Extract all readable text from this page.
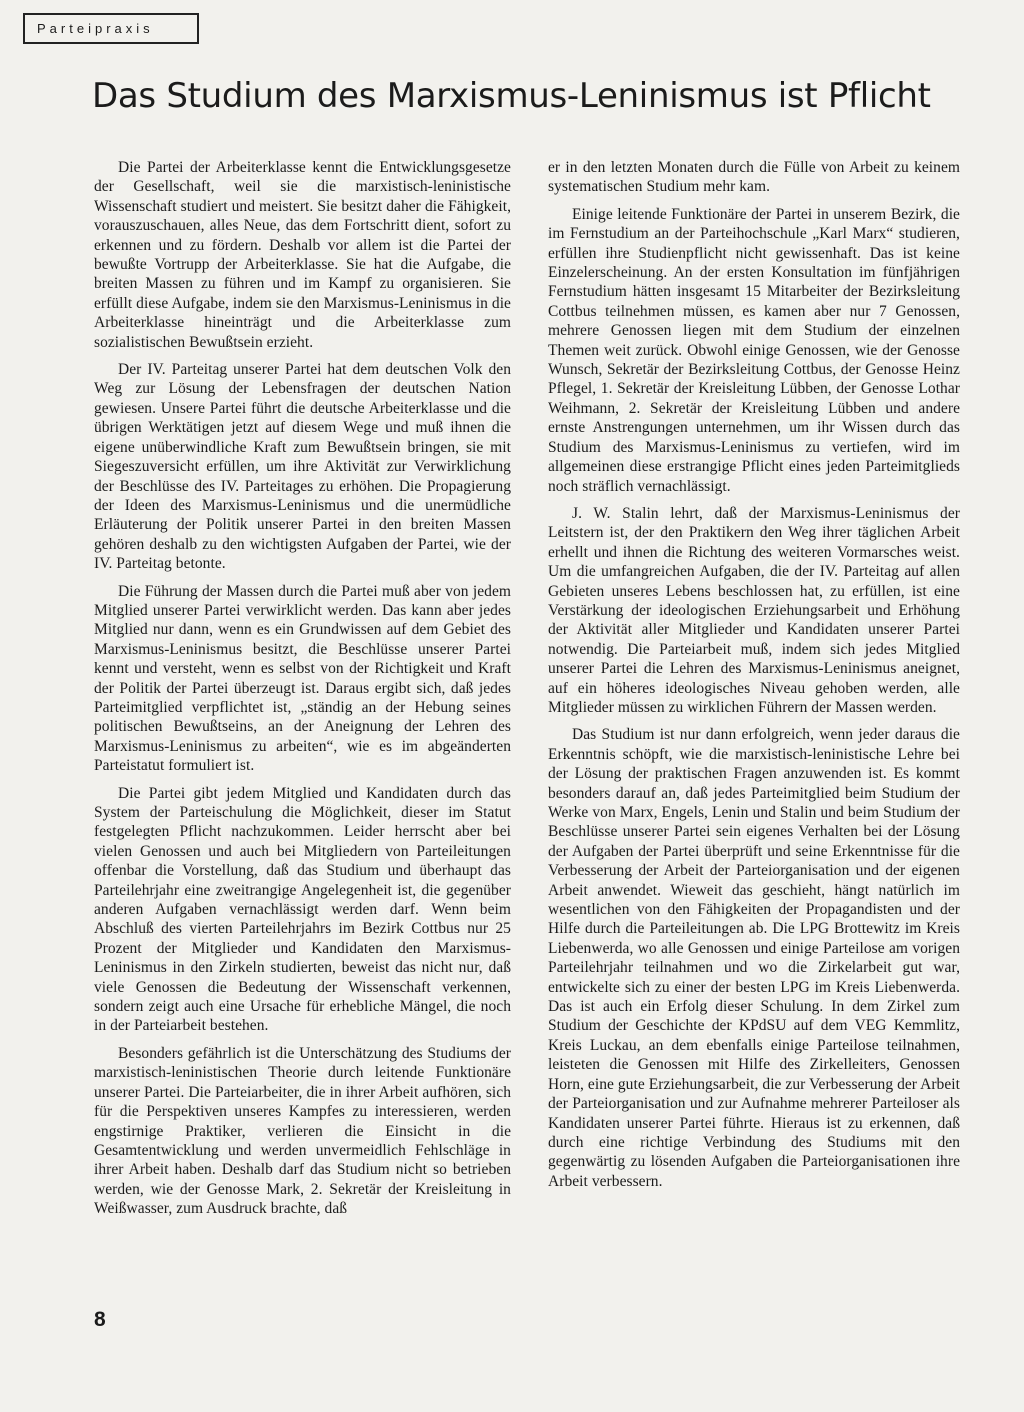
Parteipraxis
Das Studium des Marxismus-Leninismus ist Pflicht

Die Partei der Arbeiterklasse kennt die Entwicklungsgesetze der Gesellschaft, weil sie die marxistisch-leninistische Wissenschaft studiert und meistert. Sie besitzt daher die Fähigkeit, vorauszuschauen, alles Neue, das dem Fortschritt dient, sofort zu erkennen und zu fördern. Deshalb vor allem ist die Partei der bewußte Vortrupp der Arbeiterklasse. Sie hat die Aufgabe, die breiten Massen zu führen und im Kampf zu organisieren. Sie erfüllt diese Aufgabe, indem sie den Marxismus-Leninismus in die Arbeiterklasse hineinträgt und die Arbeiterklasse zum sozialistischen Bewußtsein erzieht.

Der IV. Parteitag unserer Partei hat dem deutschen Volk den Weg zur Lösung der Lebensfragen der deutschen Nation gewiesen. Unsere Partei führt die deutsche Arbeiterklasse und die übrigen Werktätigen jetzt auf diesem Wege und muß ihnen die eigene unüberwindliche Kraft zum Bewußtsein bringen, sie mit Siegeszuversicht erfüllen, um ihre Aktivität zur Verwirklichung der Beschlüsse des IV. Parteitages zu erhöhen. Die Propagierung der Ideen des Marxismus-Leninismus und die unermüdliche Erläuterung der Politik unserer Partei in den breiten Massen gehören deshalb zu den wichtigsten Aufgaben der Partei, wie der IV. Parteitag betonte.

Die Führung der Massen durch die Partei muß aber von jedem Mitglied unserer Partei verwirklicht werden. Das kann aber jedes Mitglied nur dann, wenn es ein Grundwissen auf dem Gebiet des Marxismus-Leninismus besitzt, die Beschlüsse unserer Partei kennt und versteht, wenn es selbst von der Richtigkeit und Kraft der Politik der Partei überzeugt ist. Daraus ergibt sich, daß jedes Parteimitglied verpflichtet ist, „ständig an der Hebung seines politischen Bewußtseins, an der Aneignung der Lehren des Marxismus-Leninismus zu arbeiten“, wie es im abgeänderten Parteistatut formuliert ist.

Die Partei gibt jedem Mitglied und Kandidaten durch das System der Parteischulung die Möglichkeit, dieser im Statut festgelegten Pflicht nachzukommen. Leider herrscht aber bei vielen Genossen und auch bei Mitgliedern von Parteileitungen offenbar die Vorstellung, daß das Studium und überhaupt das Parteilehrjahr eine zweitrangige Angelegenheit ist, die gegenüber anderen Aufgaben vernachlässigt werden darf. Wenn beim Abschluß des vierten Parteilehrjahrs im Bezirk Cottbus nur 25 Prozent der Mitglieder und Kandidaten den Marxismus-Leninismus in den Zirkeln studierten, beweist das nicht nur, daß viele Genossen die Bedeutung der Wissenschaft verkennen, sondern zeigt auch eine Ursache für erhebliche Mängel, die noch in der Parteiarbeit bestehen.

Besonders gefährlich ist die Unterschätzung des Studiums der marxistisch-leninistischen Theorie durch leitende Funktionäre unserer Partei. Die Parteiarbeiter, die in ihrer Arbeit aufhören, sich für die Perspektiven unseres Kampfes zu interessieren, werden engstirnige Praktiker, verlieren die Einsicht in die Gesamtentwicklung und werden unvermeidlich Fehlschläge in ihrer Arbeit haben. Deshalb darf das Studium nicht so betrieben werden, wie der Genosse Mark, 2. Sekretär der Kreisleitung in Weißwasser, zum Ausdruck brachte, daß

er in den letzten Monaten durch die Fülle von Arbeit zu keinem systematischen Studium mehr kam.

Einige leitende Funktionäre der Partei in unserem Bezirk, die im Fernstudium an der Parteihochschule „Karl Marx“ studieren, erfüllen ihre Studienpflicht nicht gewissenhaft. Das ist keine Einzelerscheinung. An der ersten Konsultation im fünfjährigen Fernstudium hätten insgesamt 15 Mitarbeiter der Bezirksleitung Cottbus teilnehmen müssen, es kamen aber nur 7 Genossen, mehrere Genossen liegen mit dem Studium der einzelnen Themen weit zurück. Obwohl einige Genossen, wie der Genosse Wunsch, Sekretär der Bezirksleitung Cottbus, der Genosse Heinz Pflegel, 1. Sekretär der Kreisleitung Lübben, der Genosse Lothar Weihmann, 2. Sekretär der Kreisleitung Lübben und andere ernste Anstrengungen unternehmen, um ihr Wissen durch das Studium des Marxismus-Leninismus zu vertiefen, wird im allgemeinen diese erstrangige Pflicht eines jeden Parteimitglieds noch sträflich vernachlässigt.

J. W. Stalin lehrt, daß der Marxismus-Leninismus der Leitstern ist, der den Praktikern den Weg ihrer täglichen Arbeit erhellt und ihnen die Richtung des weiteren Vormarsches weist. Um die umfangreichen Aufgaben, die der IV. Parteitag auf allen Gebieten unseres Lebens beschlossen hat, zu erfüllen, ist eine Verstärkung der ideologischen Erziehungsarbeit und Erhöhung der Aktivität aller Mitglieder und Kandidaten unserer Partei notwendig. Die Parteiarbeit muß, indem sich jedes Mitglied unserer Partei die Lehren des Marxismus-Leninismus aneignet, auf ein höheres ideologisches Niveau gehoben werden, alle Mitglieder müssen zu wirklichen Führern der Massen werden.

Das Studium ist nur dann erfolgreich, wenn jeder daraus die Erkenntnis schöpft, wie die marxistisch-leninistische Lehre bei der Lösung der praktischen Fragen anzuwenden ist. Es kommt besonders darauf an, daß jedes Parteimitglied beim Studium der Werke von Marx, Engels, Lenin und Stalin und beim Studium der Beschlüsse unserer Partei sein eigenes Verhalten bei der Lösung der Aufgaben der Partei überprüft und seine Erkenntnisse für die Verbesserung der Arbeit der Parteiorganisation und der eigenen Arbeit anwendet. Wieweit das geschieht, hängt natürlich im wesentlichen von den Fähigkeiten der Propagandisten und der Hilfe durch die Parteileitungen ab. Die LPG Brottewitz im Kreis Liebenwerda, wo alle Genossen und einige Parteilose am vorigen Parteilehrjahr teilnahmen und wo die Zirkelarbeit gut war, entwickelte sich zu einer der besten LPG im Kreis Liebenwerda. Das ist auch ein Erfolg dieser Schulung. In dem Zirkel zum Studium der Geschichte der KPdSU auf dem VEG Kemmlitz, Kreis Luckau, an dem ebenfalls einige Parteilose teilnahmen, leisteten die Genossen mit Hilfe des Zirkelleiters, Genossen Horn, eine gute Erziehungsarbeit, die zur Verbesserung der Arbeit der Parteiorganisation und zur Aufnahme mehrerer Parteiloser als Kandidaten unserer Partei führte. Hieraus ist zu erkennen, daß durch eine richtige Verbindung des Studiums mit den gegenwärtig zu lösenden Aufgaben die Parteiorganisationen ihre Arbeit verbessern.

8
